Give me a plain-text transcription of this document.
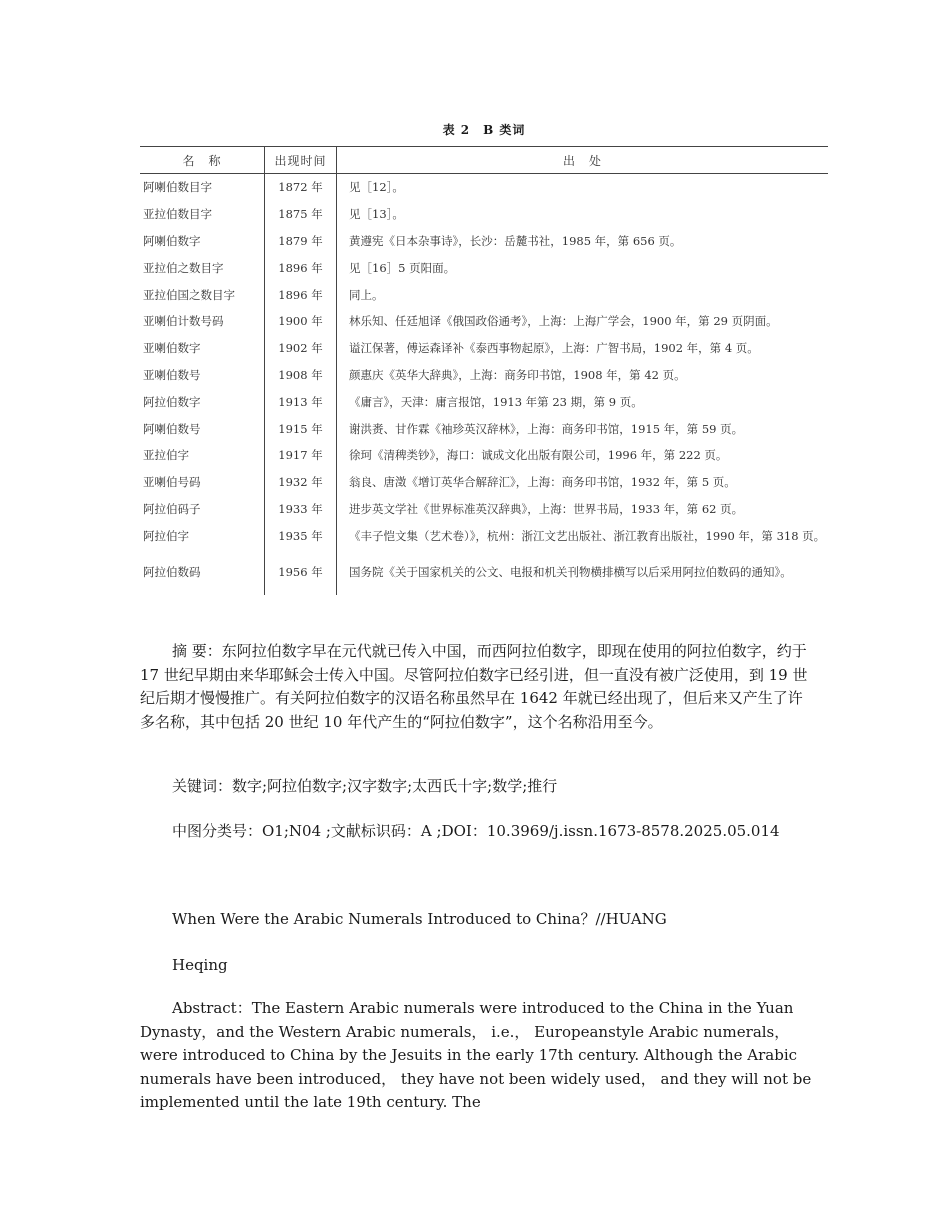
表 2　B 类词
名　称	出现时间	出　处
阿喇伯数目字	1872 年	见［12］。
亚拉伯数目字	1875 年	见［13］。
阿喇伯数字	1879 年	黄遵宪《日本杂事诗》，长沙：岳麓书社，1985 年，第 656 页。
亚拉伯之数目字	1896 年	见［16］5 页阳面。
亚拉伯国之数目字	1896 年	同上。
亚喇伯计数号码	1900 年	林乐知、任廷旭译《俄国政俗通考》，上海：上海广学会，1900 年，第 29 页阴面。
亚喇伯数字	1902 年	谥江保著，傅运森译补《泰西事物起原》，上海：广智书局，1902 年，第 4 页。
亚喇伯数号	1908 年	颜惠庆《英华大辞典》，上海：商务印书馆，1908 年，第 42 页。
阿拉伯数字	1913 年	《庸言》，天津：庸言报馆，1913 年第 23 期，第 9 页。
阿喇伯数号	1915 年	谢洪赉、甘作霖《袖珍英汉辞林》，上海：商务印书馆，1915 年，第 59 页。
亚拉伯字	1917 年	徐珂《清稗类钞》，海口：诚成文化出版有限公司，1996 年，第 222 页。
亚喇伯号码	1932 年	翁良、唐澂《增订英华合解辞汇》，上海：商务印书馆，1932 年，第 5 页。
阿拉伯码子	1933 年	进步英文学社《世界标准英汉辞典》，上海：世界书局，1933 年，第 62 页。
阿拉伯字	1935 年	《丰子恺文集（艺术卷）》，杭州：浙江文艺出版社、浙江教育出版社，1990 年，第 318 页。
阿拉伯数码	1956 年	国务院《关于国家机关的公文、电报和机关刊物横排横写以后采用阿拉伯数码的通知》。

摘 要：东阿拉伯数字早在元代就已传入中国，而西阿拉伯数字，即现在使用的阿拉伯数字，约于 17 世纪早期由来华耶稣会士传入中国。尽管阿拉伯数字已经引进，但一直没有被广泛使用，到 19 世纪后期才慢慢推广。有关阿拉伯数字的汉语名称虽然早在 1642 年就已经出现了，但后来又产生了许多名称，其中包括 20 世纪 10 年代产生的“阿拉伯数字”，这个名称沿用至今。

关键词：数字;阿拉伯数字;汉字数字;太西氏十字;数学;推行

中图分类号：O1;N04 ;文献标识码：A ;DOI：10.3969/j.issn.1673-8578.2025.05.014

When Were the Arabic Numerals Introduced to China？//HUANG

Heqing

Abstract：The Eastern Arabic numerals were introduced to the China in the Yuan Dynasty，and the Western Arabic numerals， i.e.， Europeanstyle Arabic numerals， were introduced to China by the Jesuits in the early 17th century. Although the Arabic numerals have been introduced， they have not been widely used， and they will not be implemented until the late 19th century. The
